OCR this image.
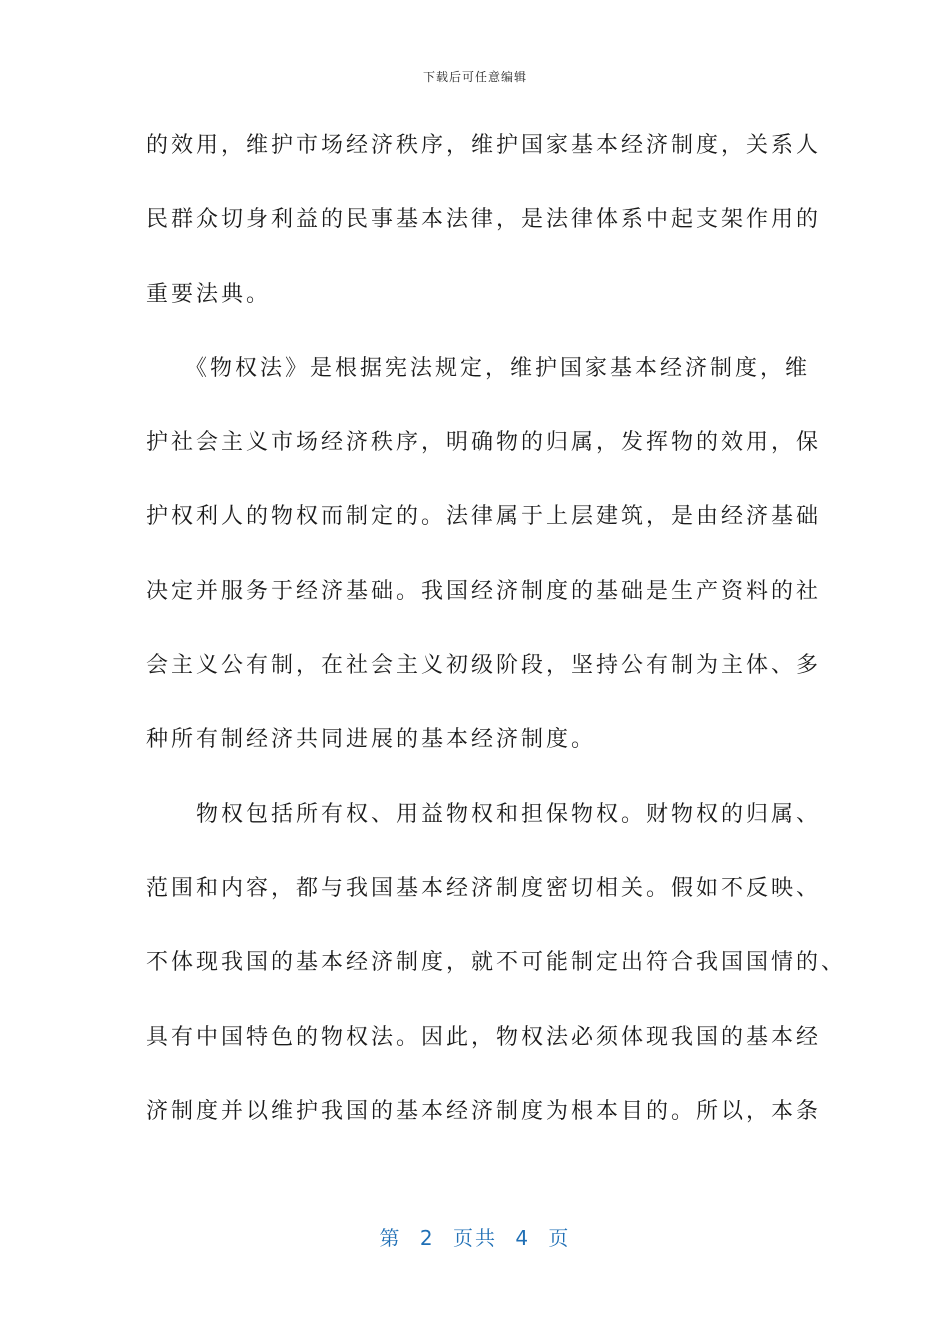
下载后可任意编辑
的效用，维护市场经济秩序，维护国家基本经济制度，关系人
民群众切身利益的民事基本法律，是法律体系中起支架作用的
重要法典。
　　《物权法》是根据宪法规定，维护国家基本经济制度，维
护社会主义市场经济秩序，明确物的归属，发挥物的效用，保
护权利人的物权而制定的。法律属于上层建筑，是由经济基础
决定并服务于经济基础。我国经济制度的基础是生产资料的社
会主义公有制，在社会主义初级阶段，坚持公有制为主体、多
种所有制经济共同进展的基本经济制度。
　　物权包括所有权、用益物权和担保物权。财物权的归属、
范围和内容，都与我国基本经济制度密切相关。假如不反映、
不体现我国的基本经济制度，就不可能制定出符合我国国情的、
具有中国特色的物权法。因此，物权法必须体现我国的基本经
济制度并以维护我国的基本经济制度为根本目的。所以，本条
第 2 页共 4 页
